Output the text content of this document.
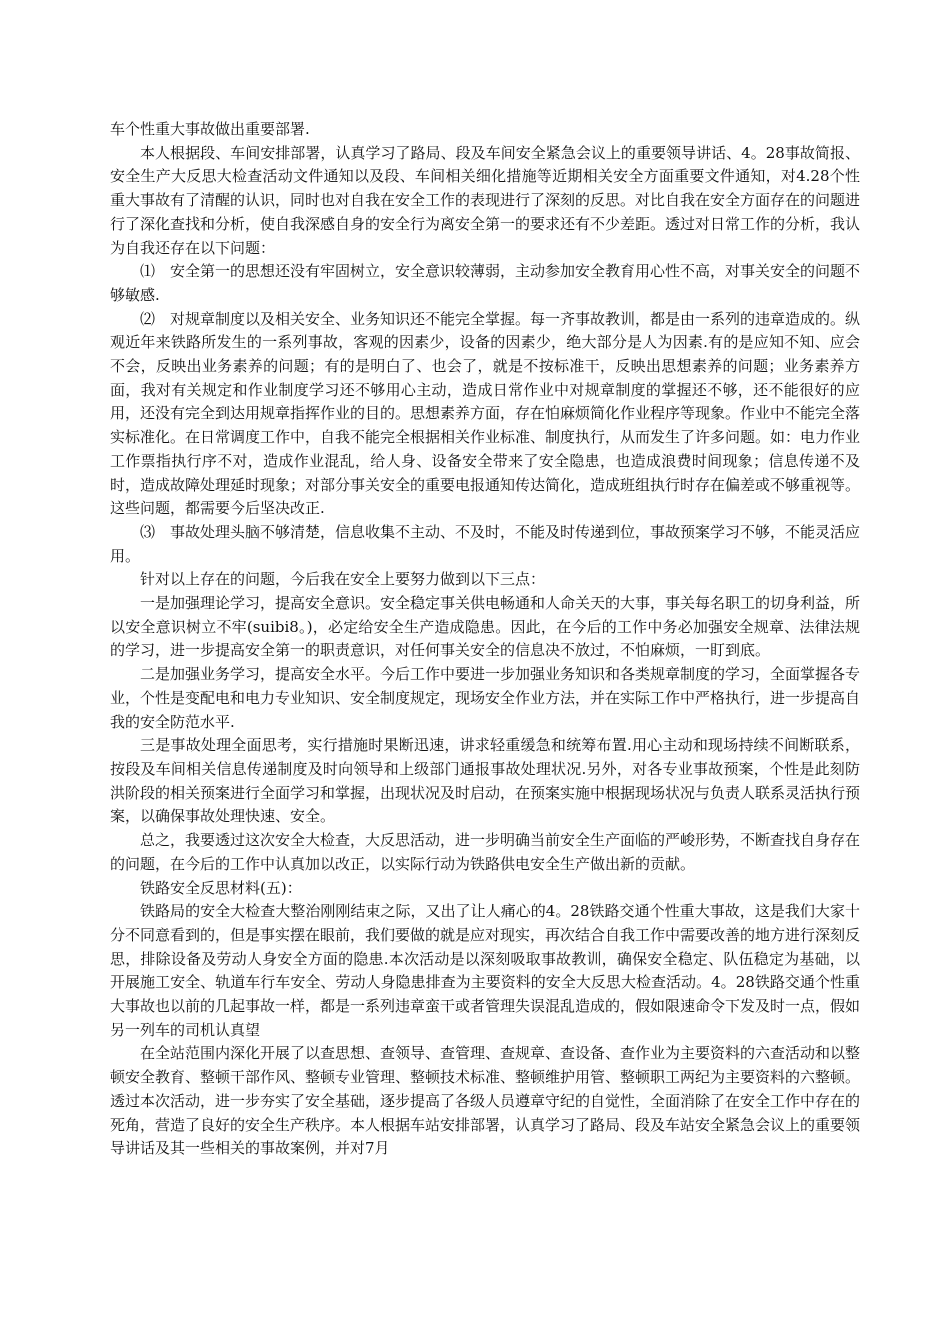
车个性重大事故做出重要部署.

本人根据段、车间安排部署，认真学习了路局、段及车间安全紧急会议上的重要领导讲话、4。28事故简报、安全生产大反思大检查活动文件通知以及段、车间相关细化措施等近期相关安全方面重要文件通知，对4.28个性重大事故有了清醒的认识，同时也对自我在安全工作的表现进行了深刻的反思。对比自我在安全方面存在的问题进行了深化查找和分析，使自我深感自身的安全行为离安全第一的要求还有不少差距。透过对日常工作的分析，我认为自我还存在以下问题：

⑴　安全第一的思想还没有牢固树立，安全意识较薄弱，主动参加安全教育用心性不高，对事关安全的问题不够敏感.

⑵　对规章制度以及相关安全、业务知识还不能完全掌握。每一齐事故教训，都是由一系列的违章造成的。纵观近年来铁路所发生的一系列事故，客观的因素少，设备的因素少，绝大部分是人为因素.有的是应知不知、应会不会，反映出业务素养的问题；有的是明白了、也会了，就是不按标准干，反映出思想素养的问题；业务素养方面，我对有关规定和作业制度学习还不够用心主动，造成日常作业中对规章制度的掌握还不够，还不能很好的应用，还没有完全到达用规章指挥作业的目的。思想素养方面，存在怕麻烦简化作业程序等现象。作业中不能完全落实标准化。在日常调度工作中，自我不能完全根据相关作业标准、制度执行，从而发生了许多问题。如：电力作业工作票指执行序不对，造成作业混乱，给人身、设备安全带来了安全隐患，也造成浪费时间现象；信息传递不及时，造成故障处理延时现象；对部分事关安全的重要电报通知传达简化，造成班组执行时存在偏差或不够重视等。这些问题，都需要今后坚决改正.

⑶　事故处理头脑不够清楚，信息收集不主动、不及时，不能及时传递到位，事故预案学习不够，不能灵活应用。

针对以上存在的问题，今后我在安全上要努力做到以下三点：

一是加强理论学习，提高安全意识。安全稳定事关供电畅通和人命关天的大事，事关每名职工的切身利益，所以安全意识树立不牢(suibi8。)，必定给安全生产造成隐患。因此，在今后的工作中务必加强安全规章、法律法规的学习，进一步提高安全第一的职责意识，对任何事关安全的信息决不放过，不怕麻烦，一盯到底。

二是加强业务学习，提高安全水平。今后工作中要进一步加强业务知识和各类规章制度的学习，全面掌握各专业，个性是变配电和电力专业知识、安全制度规定，现场安全作业方法，并在实际工作中严格执行，进一步提高自我的安全防范水平.

三是事故处理全面思考，实行措施时果断迅速，讲求轻重缓急和统筹布置.用心主动和现场持续不间断联系，按段及车间相关信息传递制度及时向领导和上级部门通报事故处理状况.另外，对各专业事故预案，个性是此刻防洪阶段的相关预案进行全面学习和掌握，出现状况及时启动，在预案实施中根据现场状况与负责人联系灵活执行预案，以确保事故处理快速、安全。

总之，我要透过这次安全大检查，大反思活动，进一步明确当前安全生产面临的严峻形势，不断查找自身存在的问题，在今后的工作中认真加以改正，以实际行动为铁路供电安全生产做出新的贡献。

铁路安全反思材料(五)：

铁路局的安全大检查大整治刚刚结束之际，又出了让人痛心的4。28铁路交通个性重大事故，这是我们大家十分不同意看到的，但是事实摆在眼前，我们要做的就是应对现实，再次结合自我工作中需要改善的地方进行深刻反思，排除设备及劳动人身安全方面的隐患.本次活动是以深刻吸取事故教训，确保安全稳定、队伍稳定为基础，以开展施工安全、轨道车行车安全、劳动人身隐患排查为主要资料的安全大反思大检查活动。4。28铁路交通个性重大事故也以前的几起事故一样，都是一系列违章蛮干或者管理失误混乱造成的，假如限速命令下发及时一点，假如另一列车的司机认真望

在全站范围内深化开展了以查思想、查领导、查管理、查规章、查设备、查作业为主要资料的六查活动和以整顿安全教育、整顿干部作风、整顿专业管理、整顿技术标准、整顿维护用管、整顿职工两纪为主要资料的六整顿。透过本次活动，进一步夯实了安全基础，逐步提高了各级人员遵章守纪的自觉性，全面消除了在安全工作中存在的死角，营造了良好的安全生产秩序。本人根据车站安排部署，认真学习了路局、段及车站安全紧急会议上的重要领导讲话及其一些相关的事故案例，并对7月
